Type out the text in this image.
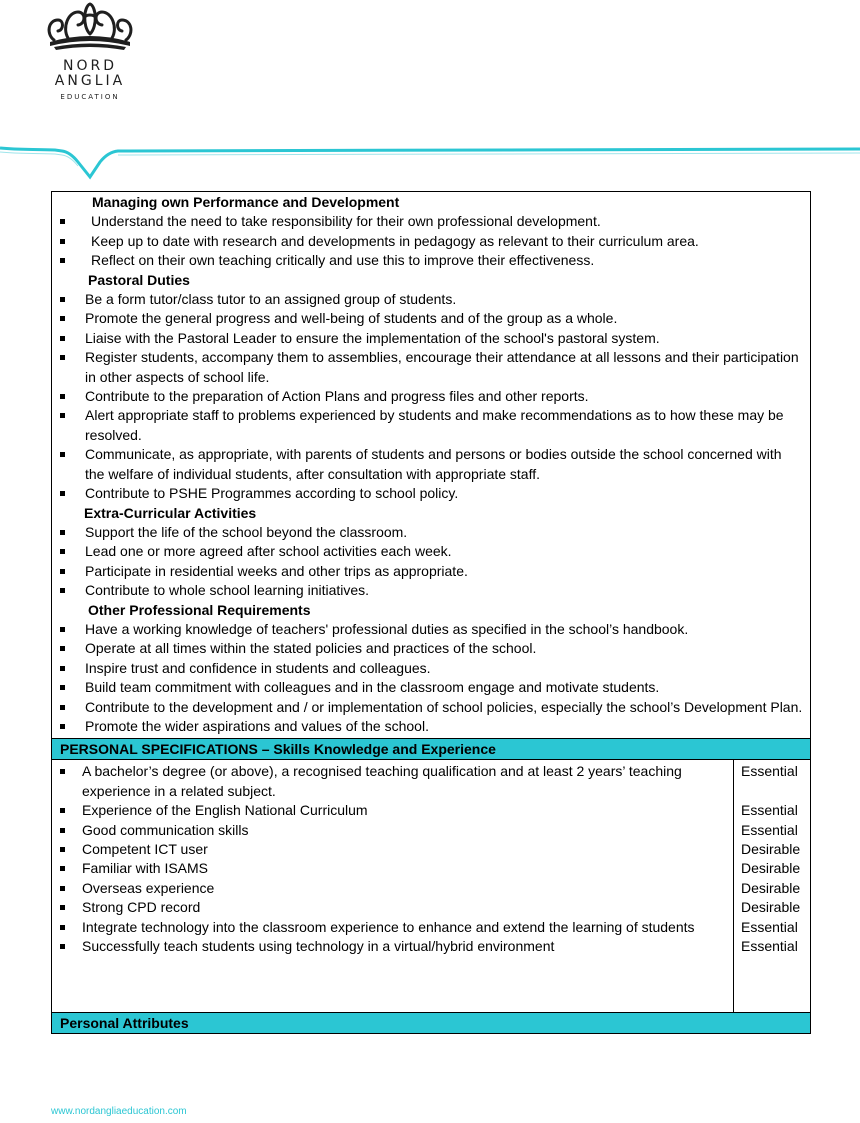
NORD
ANGLIA
EDUCATION
Managing own Performance and Development
Understand the need to take responsibility for their own professional development.
Keep up to date with research and developments in pedagogy as relevant to their curriculum area.
Reflect on their own teaching critically and use this to improve their effectiveness.
Pastoral Duties
Be a form tutor/class tutor to an assigned group of students.
Promote the general progress and well-being of students and of the group as a whole.
Liaise with the Pastoral Leader to ensure the implementation of the school's pastoral system.
Register students, accompany them to assemblies, encourage their attendance at all lessons and their participation in other aspects of school life.
Contribute to the preparation of Action Plans and progress files and other reports.
Alert appropriate staff to problems experienced by students and make recommendations as to how these may be resolved.
Communicate, as appropriate, with parents of students and persons or bodies outside the school concerned with the welfare of individual students, after consultation with appropriate staff.
Contribute to PSHE Programmes according to school policy.
Extra-Curricular Activities
Support the life of the school beyond the classroom.
Lead one or more agreed after school activities each week.
Participate in residential weeks and other trips as appropriate.
Contribute to whole school learning initiatives.
Other Professional Requirements
Have a working knowledge of teachers' professional duties as specified in the school’s handbook.
Operate at all times within the stated policies and practices of the school.
Inspire trust and confidence in students and colleagues.
Build team commitment with colleagues and in the classroom engage and motivate students.
Contribute to the development and / or implementation of school policies, especially the school’s Development Plan.
Promote the wider aspirations and values of the school.
PERSONAL SPECIFICATIONS – Skills Knowledge and Experience
A bachelor’s degree (or above), a recognised teaching qualification and at least 2 years’ teaching experience in a related subject.
Experience of the English National Curriculum
Good communication skills
Competent ICT user
Familiar with ISAMS
Overseas experience
Strong CPD record
Integrate technology into the classroom experience to enhance and extend the learning of students
Successfully teach students using technology in a virtual/hybrid environment
Essential
Essential
Essential
Desirable
Desirable
Desirable
Desirable
Essential
Essential
Personal Attributes
www.nordangliaeducation.com
